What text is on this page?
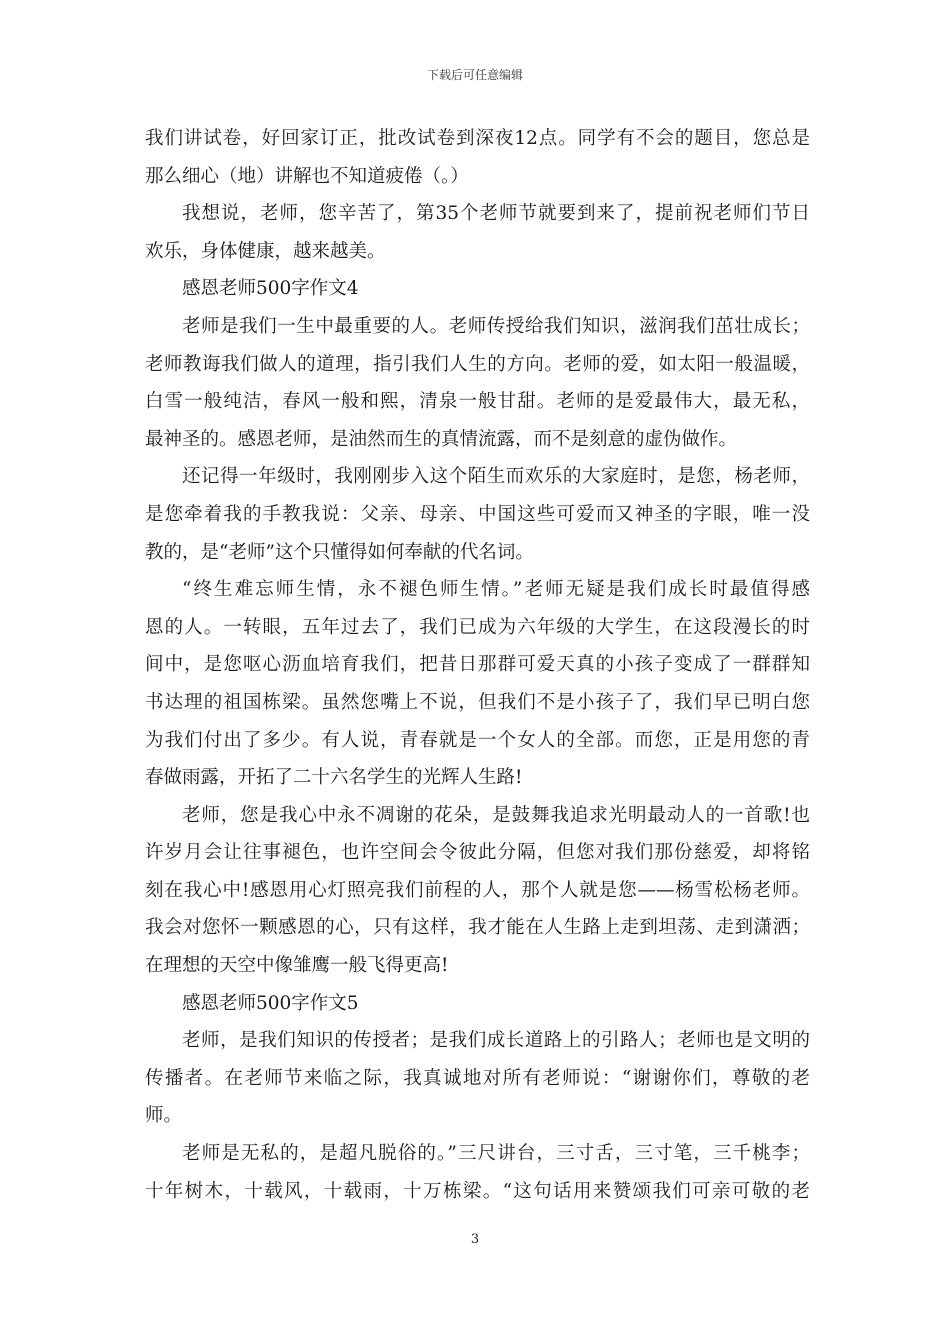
下载后可任意编辑
我们讲试卷，好回家订正，批改试卷到深夜12点。同学有不会的题目，您总是
那么细心（地）讲解也不知道疲倦（。）
我想说，老师，您辛苦了，第35个老师节就要到来了，提前祝老师们节日
欢乐，身体健康，越来越美。
感恩老师500字作文4
老师是我们一生中最重要的人。老师传授给我们知识，滋润我们茁壮成长；
老师教诲我们做人的道理，指引我们人生的方向。老师的爱，如太阳一般温暖，
白雪一般纯洁，春风一般和熙，清泉一般甘甜。老师的是爱最伟大，最无私，
最神圣的。感恩老师，是油然而生的真情流露，而不是刻意的虚伪做作。
还记得一年级时，我刚刚步入这个陌生而欢乐的大家庭时，是您，杨老师，
是您牵着我的手教我说：父亲、母亲、中国这些可爱而又神圣的字眼，唯一没
教的，是“老师”这个只懂得如何奉献的代名词。
“终生难忘师生情，永不褪色师生情。”老师无疑是我们成长时最值得感
恩的人。一转眼，五年过去了，我们已成为六年级的大学生，在这段漫长的时
间中，是您呕心沥血培育我们，把昔日那群可爱天真的小孩子变成了一群群知
书达理的祖国栋梁。虽然您嘴上不说，但我们不是小孩子了，我们早已明白您
为我们付出了多少。有人说，青春就是一个女人的全部。而您，正是用您的青
春做雨露，开拓了二十六名学生的光辉人生路!
老师，您是我心中永不凋谢的花朵，是鼓舞我追求光明最动人的一首歌!也
许岁月会让往事褪色，也许空间会令彼此分隔，但您对我们那份慈爱，却将铭
刻在我心中!感恩用心灯照亮我们前程的人，那个人就是您——杨雪松杨老师。
我会对您怀一颗感恩的心，只有这样，我才能在人生路上走到坦荡、走到潇洒；
在理想的天空中像雏鹰一般飞得更高!
感恩老师500字作文5
老师，是我们知识的传授者；是我们成长道路上的引路人；老师也是文明的
传播者。在老师节来临之际，我真诚地对所有老师说：“谢谢你们，尊敬的老
师。
老师是无私的，是超凡脱俗的。”三尺讲台，三寸舌，三寸笔，三千桃李；
十年树木，十载风，十载雨，十万栋梁。“这句话用来赞颂我们可亲可敬的老
3
